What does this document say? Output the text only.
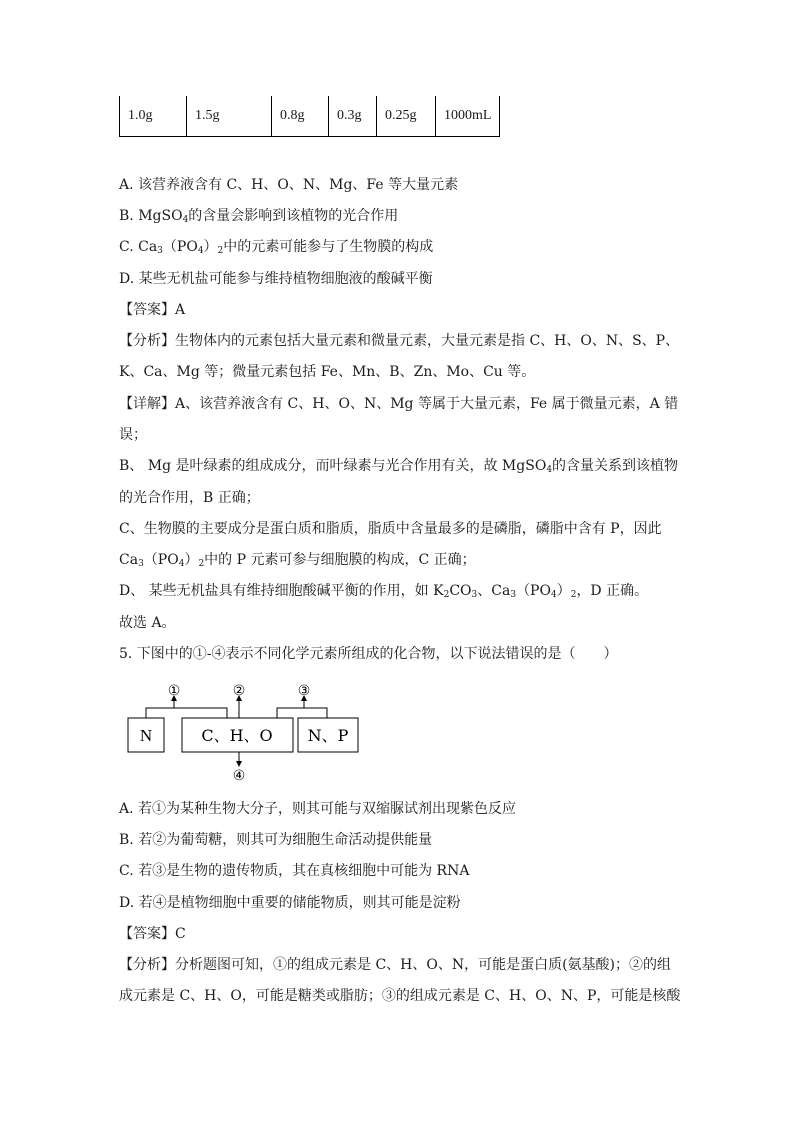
1.0g	1.5g	0.8g	0.3g	0.25g	1000mL
A. 该营养液含有 C、H、O、N、Mg、Fe 等大量元素
B. MgSO$_4$的含量会影响到该植物的光合作用
C. $Ca_3(PO_4)_2$中的元素可能参与了生物膜的构成
D. 某些无机盐可能参与维持植物细胞液的酸碱平衡
【答案】A
【分析】生物体内的元素包括大量元素和微量元素，大量元素是指 C、H、O、N、S、P、
K、Ca、Mg 等；微量元素包括 Fe、Mn、B、Zn、Mo、Cu 等。
【详解】A、该营养液含有 C、H、O、N、Mg 等属于大量元素，Fe 属于微量元素，A 错
误；
B、 Mg 是叶绿素的组成成分，而叶绿素与光合作用有关，故 MgSO$_4$的含量关系到该植物
的光合作用，B 正确；
C、生物膜的主要成分是蛋白质和脂质，脂质中含量最多的是磷脂，磷脂中含有 P，因此
$Ca_3(PO_4)_2$中的 P 元素可参与细胞膜的构成，C 正确；
D、 某些无机盐具有维持细胞酸碱平衡的作用，如 $K_2CO_3$、$Ca_3(PO_4)_2$，D 正确。
故选 A。
5. 下图中的①-④表示不同化学元素所组成的化合物，以下说法错误的是（　　）
N	C、H、O N、P
①	②	③
④
A. 若①为某种生物大分子，则其可能与双缩脲试剂出现紫色反应
B. 若②为葡萄糖，则其可为细胞生命活动提供能量
C. 若③是生物的遗传物质，其在真核细胞中可能为 RNA
D. 若④是植物细胞中重要的储能物质，则其可能是淀粉
【答案】C
【分析】分析题图可知，①的组成元素是 C、H、O、N，可能是蛋白质(氨基酸)；②的组
成元素是 C、H、O，可能是糖类或脂肪；③的组成元素是 C、H、O、N、P，可能是核酸
